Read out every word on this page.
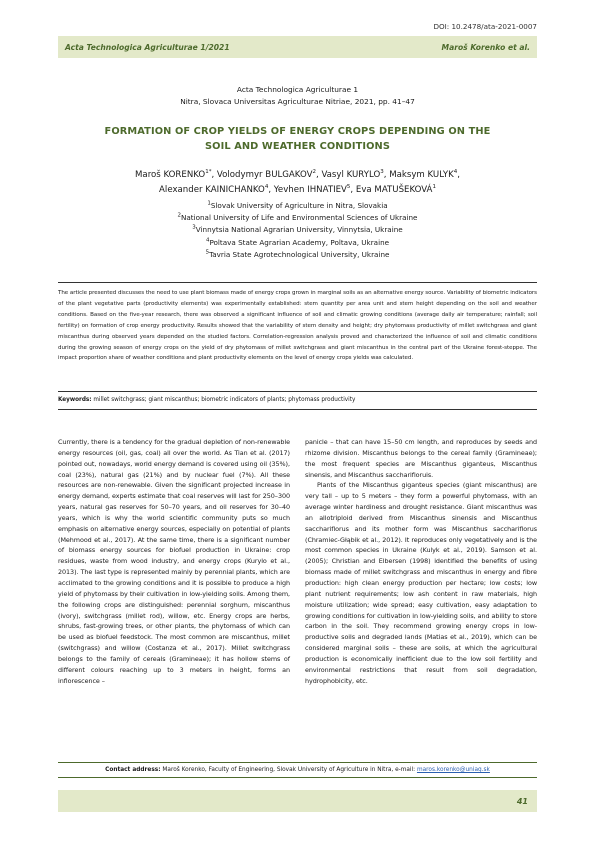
DOI: 10.2478/ata-2021-0007
Acta Technologica Agriculturae 1/2021	Maroš Korenko et al.
Acta Technologica Agriculturae 1
Nitra, Slovaca Universitas Agriculturae Nitriae, 2021, pp. 41–47
FORMATION OF CROP YIELDS OF ENERGY CROPS DEPENDING ON THE SOIL AND WEATHER CONDITIONS
Maroš $KORENKO^{1*}$, Volodymyr BULGAKOV$^2$, Vasyl KURYLO$^3$, Maksym KULYK$^4$,
Alexander KAINICHANKO$^4$, Yevhen IHNATIEV$^5$, Eva MATUŠEKOVÁ$^1$
$^1$Slovak University of Agriculture in Nitra, Slovakia
$^2$National University of Life and Environmental Sciences of Ukraine
$^3$Vinnytsia National Agrarian University, Vinnytsia, Ukraine
$^4$Poltava State Agrarian Academy, Poltava, Ukraine
$^5$Tavria State Agrotechnological University, Ukraine
The article presented discusses the need to use plant biomass made of energy crops grown in marginal soils as an alternative energy source. Variability of biometric indicators of the plant vegetative parts (productivity elements) was experimentally established: stem quantity per area unit and stem height depending on the soil and weather conditions. Based on the five-year research, there was observed a significant influence of soil and climatic growing conditions (average daily air temperature; rainfall; soil fertility) on formation of crop energy productivity. Results showed that the variability of stem density and height; dry phytomass productivity of millet switchgrass and giant miscanthus during observed years depended on the studied factors. Correlation-regression analysis proved and characterized the influence of soil and climatic conditions during the growing season of energy crops on the yield of dry phytomass of millet switchgrass and giant miscanthus in the central part of the Ukraine forest-steppe. The impact proportion share of weather conditions and plant productivity elements on the level of energy crops yields was calculated.
Keywords: millet switchgrass; giant miscanthus; biometric indicators of plants; phytomass productivity

Currently, there is a tendency for the gradual depletion of non-renewable energy resources (oil, gas, coal) all over the world. As Tian et al. (2017) pointed out, nowadays, world energy demand is covered using oil (35%), coal (23%), natural gas (21%) and by nuclear fuel (7%). All these resources are non-renewable. Given the significant projected increase in energy demand, experts estimate that coal reserves will last for 250–300 years, natural gas reserves for 50–70 years, and oil reserves for 30–40 years, which is why the world scientific community puts so much emphasis on alternative energy sources, especially on potential of plants (Mehmood et al., 2017). At the same time, there is a significant number of biomass energy sources for biofuel production in Ukraine: crop residues, waste from wood industry, and energy crops (Kurylo et al., 2013). The last type is represented mainly by perennial plants, which are acclimated to the growing conditions and it is possible to produce a high yield of phytomass by their cultivation in low-yielding soils. Among them, the following crops are distinguished: perennial sorghum, miscanthus (ivory), switchgrass (millet rod), willow, etc. Energy crops are herbs, shrubs, fast-growing trees, or other plants, the phytomass of which can be used as biofuel feedstock. The most common are miscanthus, millet (switchgrass) and willow (Costanza et al., 2017). Millet switchgrass belongs to the family of cereals (Gramineae); it has hollow stems of different colours reaching up to 3 meters in height, forms an inflorescence –

panicle – that can have 15–50 cm length, and reproduces by seeds and rhizome division. Miscanthus belongs to the cereal family (Gramineae); the most frequent species are Miscanthus giganteus, Miscanthus sinensis, and Miscanthus saccharifloruis.

Plants of the Miscanthus giganteus species (giant miscanthus) are very tall – up to 5 meters – they form a powerful phytomass, with an average winter hardiness and drought resistance. Giant miscanthus was an allotriploid derived from Miscanthus sinensis and Miscanthus sacchariflorus and its mother form was Miscanthus sacchariflorus (Chramiec-Głąbik et al., 2012). It reproduces only vegetatively and is the most common species in Ukraine (Kulyk et al., 2019). Samson et al. (2005); Christian and Elbersen (1998) identified the benefits of using biomass made of millet switchgrass and miscanthus in energy and fibre production: high clean energy production per hectare; low costs; low plant nutrient requirements; low ash content in raw materials, high moisture utilization; wide spread; easy cultivation, easy adaptation to growing conditions for cultivation in low-yielding soils, and ability to store carbon in the soil. They recommend growing energy crops in low-productive soils and degraded lands (Matias et al., 2019), which can be considered marginal soils – these are soils, at which the agricultural production is economically inefficient due to the low soil fertility and environmental restrictions that result from soil degradation, hydrophobicity, etc.

Contact address: Maroš Korenko, Faculty of Engineering, Slovak University of Agriculture in Nitra, e-mail: maros.korenko@uniag.sk
41
